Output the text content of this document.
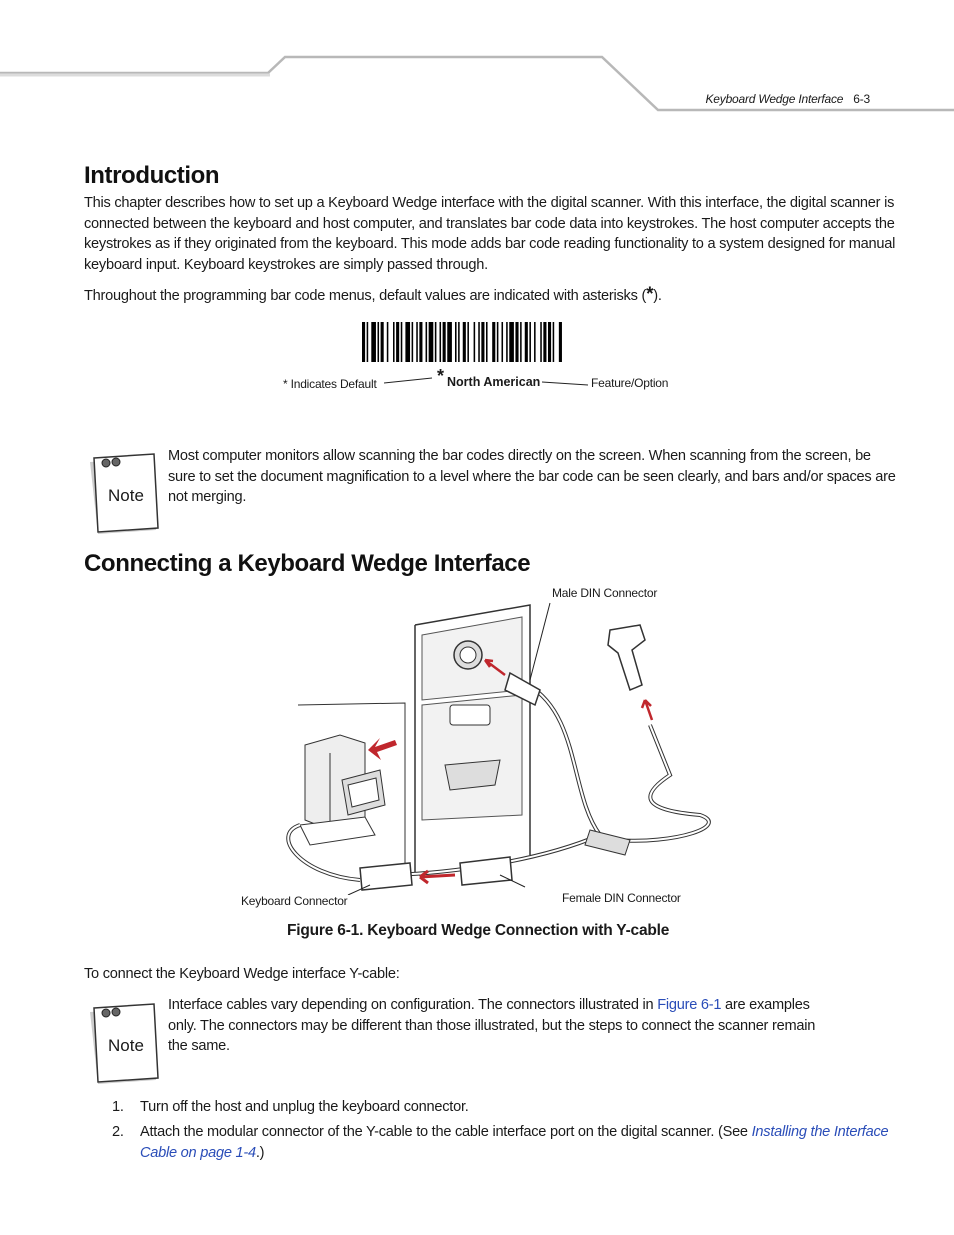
Keyboard Wedge Interface 6-3
Introduction

This chapter describes how to set up a Keyboard Wedge interface with the digital scanner. With this interface, the digital scanner is connected between the keyboard and host computer, and translates bar code data into keystrokes. The host computer accepts the keystrokes as if they originated from the keyboard. This mode adds bar code reading functionality to a system designed for manual keyboard input. Keyboard keystrokes are simply passed through.

Throughout the programming bar code menus, default values are indicated with asterisks (*).

* Indicates Default	* North American	Feature/Option
Note

Most computer monitors allow scanning the bar codes directly on the screen. When scanning from the screen, be sure to set the document magnification to a level where the bar code can be seen clearly, and bars and/or spaces are not merging.

Connecting a Keyboard Wedge Interface
Male DIN Connector
Keyboard Connector	Female DIN Connector
Figure 6-1. Keyboard Wedge Connection with Y-cable

To connect the Keyboard Wedge interface Y-cable:

Note

Interface cables vary depending on configuration. The connectors illustrated in Figure 6-1 are examples only. The connectors may be different than those illustrated, but the steps to connect the scanner remain the same.

1. Turn off the host and unplug the keyboard connector.
2. Attach the modular connector of the Y-cable to the cable interface port on the digital scanner. (See Installing the Interface Cable on page 1-4.)
